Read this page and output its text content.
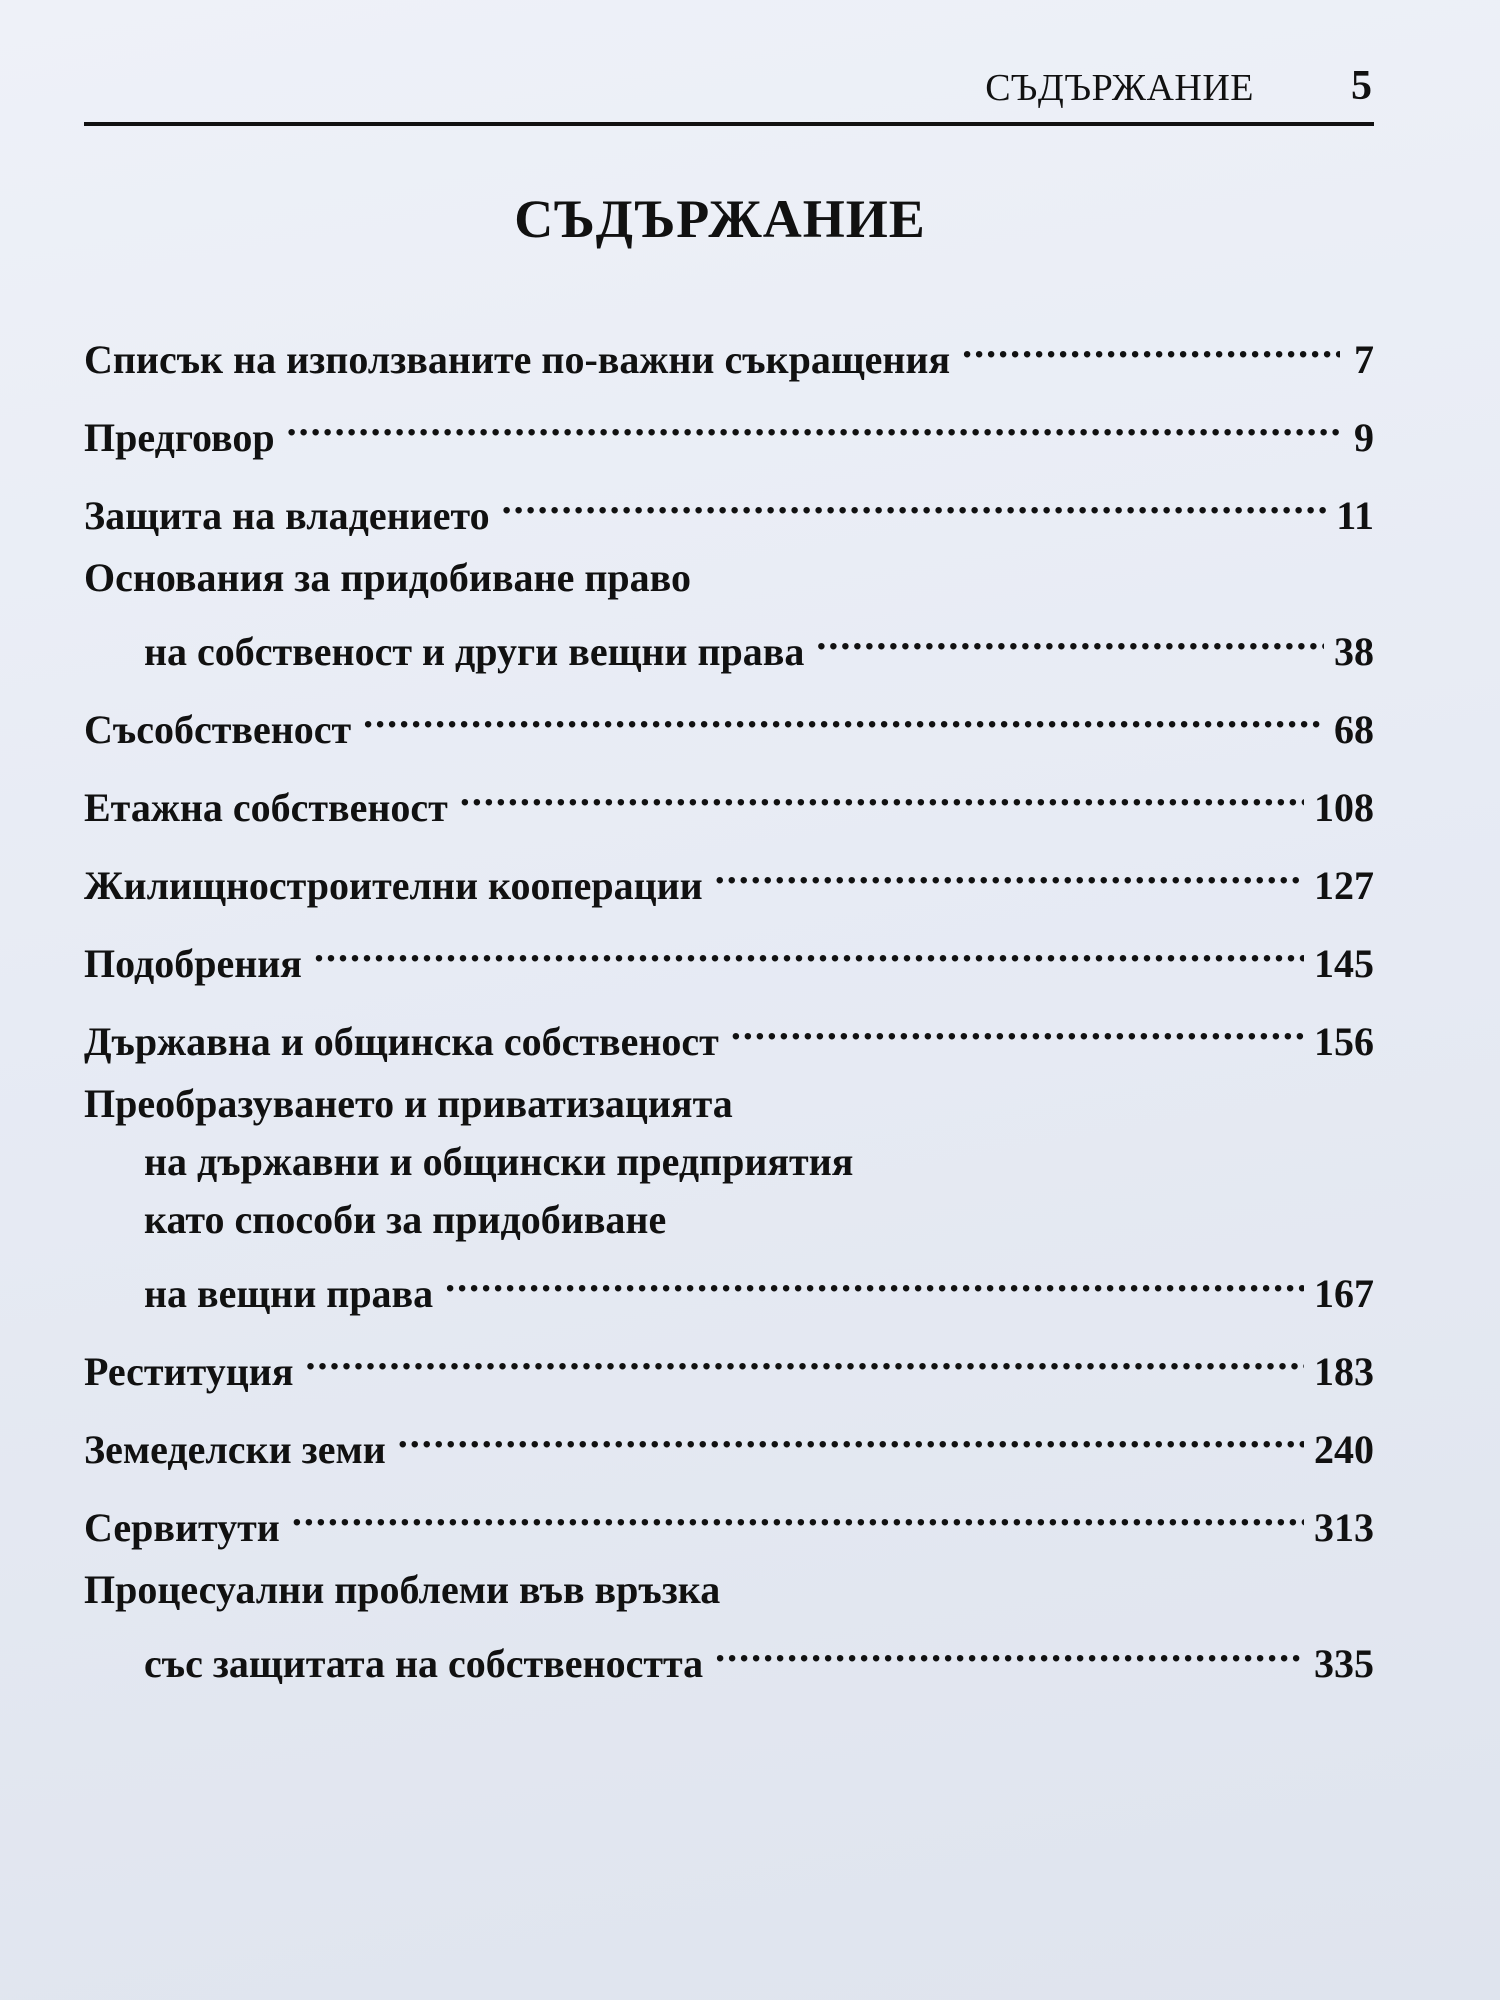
СЪДЪРЖАНИЕ 5
СЪДЪРЖАНИЕ
Списък на използваните по-важни съкращения .....	7
Предговор .....	9
Защита на владението .....	11
Основания за придобиване право
на собственост и други вещни права .....	38
Съсобственост .....	68
Етажна собственост .....	108
Жилищностроителни кооперации .....	127
Подобрения .....	145
Държавна и общинска собственост .....	156
Преобразуването и приватизацията
на държавни и общински предприятия
като способи за придобиване
на вещни права .....	167
Реституция .....	183
Земеделски земи .....	240
Сервитути .....	313
Процесуални проблеми във връзка
със защитата на собствеността .....	335
